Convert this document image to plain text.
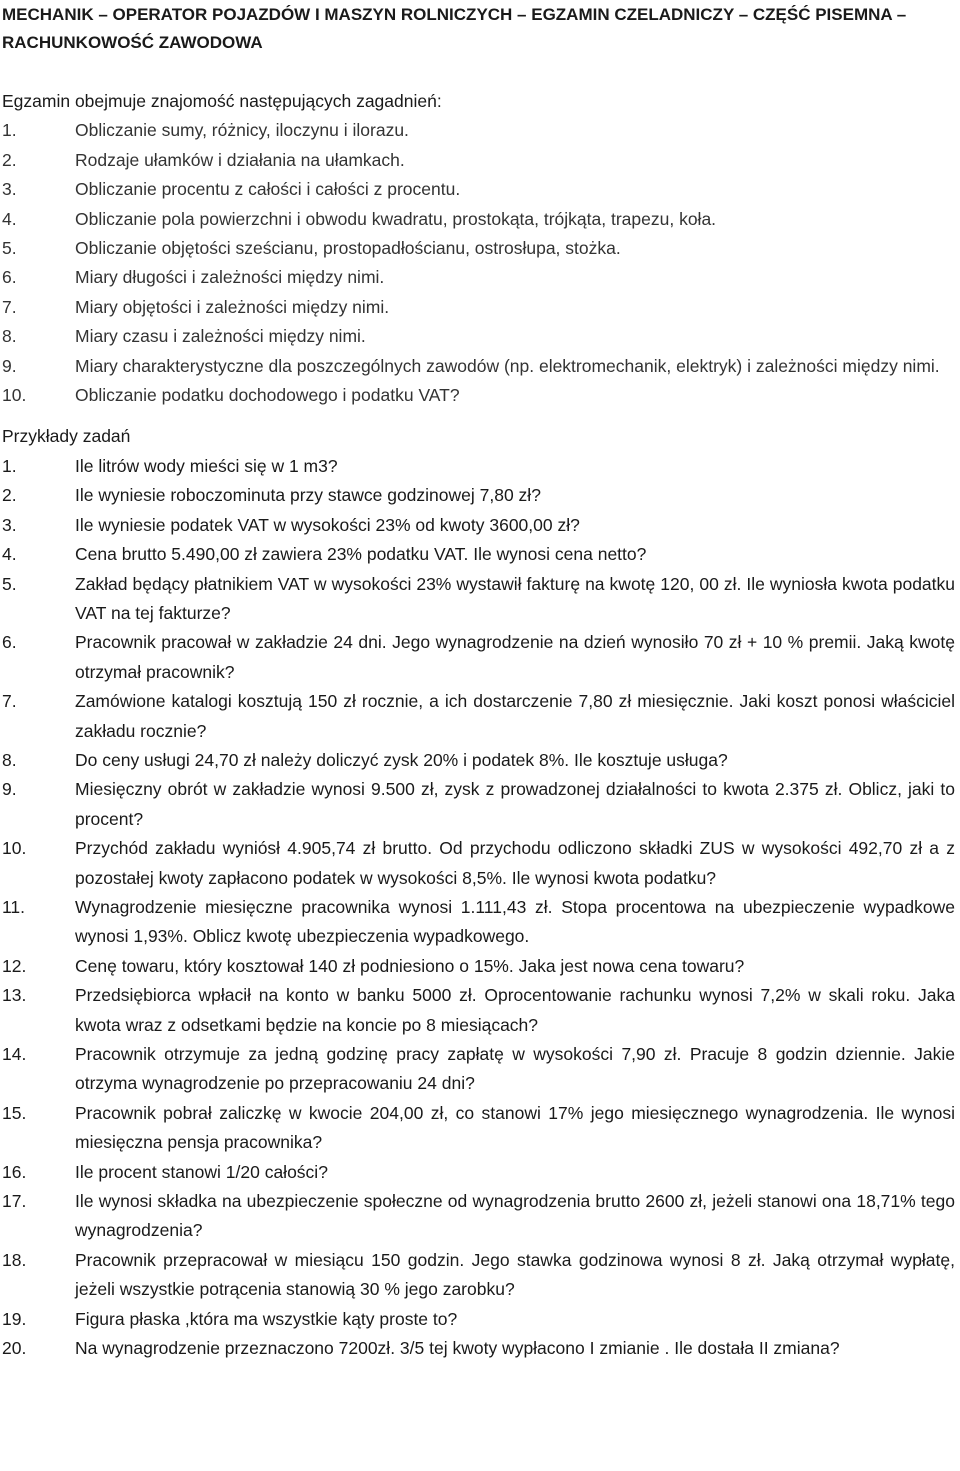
MECHANIK – OPERATOR POJAZDÓW I MASZYN ROLNICZYCH – EGZAMIN CZELADNICZY – CZĘŚĆ PISEMNA – RACHUNKOWOŚĆ ZAWODOWA
Egzamin obejmuje znajomość następujących zagadnień:
1.	Obliczanie sumy, różnicy, iloczynu i ilorazu.
2.	Rodzaje ułamków i działania na ułamkach.
3.	Obliczanie procentu z całości i całości z procentu.
4.	Obliczanie pola powierzchni i obwodu kwadratu, prostokąta, trójkąta, trapezu, koła.
5.	Obliczanie objętości sześcianu, prostopadłościanu, ostrosłupa, stożka.
6.	Miary długości i zależności między nimi.
7.	Miary objętości i zależności między nimi.
8.	Miary czasu i zależności między nimi.
9.	Miary charakterystyczne dla poszczególnych zawodów (np. elektromechanik, elektryk) i zależności między nimi.
10.	Obliczanie podatku dochodowego i podatku VAT?
Przykłady zadań
1.	Ile litrów wody mieści się w 1 m3?
2.	Ile wyniesie roboczominuta przy stawce godzinowej 7,80 zł?
3.	Ile wyniesie podatek VAT w wysokości 23% od kwoty 3600,00 zł?
4.	Cena brutto 5.490,00 zł zawiera 23% podatku VAT. Ile wynosi cena netto?
5.	Zakład będący płatnikiem VAT w wysokości 23% wystawił fakturę na kwotę 120, 00 zł. Ile wyniosła kwota podatku VAT na tej fakturze?
6.	Pracownik pracował w zakładzie 24 dni. Jego wynagrodzenie na dzień wynosiło 70 zł + 10 % premii. Jaką kwotę otrzymał pracownik?
7.	Zamówione katalogi kosztują 150 zł rocznie, a ich dostarczenie 7,80 zł miesięcznie. Jaki koszt ponosi właściciel zakładu rocznie?
8.	Do ceny usługi 24,70 zł należy doliczyć zysk 20% i podatek 8%. Ile kosztuje usługa?
9.	Miesięczny obrót w zakładzie wynosi 9.500 zł, zysk z prowadzonej działalności to kwota 2.375 zł. Oblicz, jaki to procent?
10.	Przychód zakładu wyniósł 4.905,74 zł brutto. Od przychodu odliczono składki ZUS w wysokości 492,70 zł a z pozostałej kwoty zapłacono podatek w wysokości 8,5%. Ile wynosi kwota podatku?
11.	Wynagrodzenie miesięczne pracownika wynosi 1.111,43 zł. Stopa procentowa na ubezpieczenie wypadkowe wynosi 1,93%. Oblicz kwotę ubezpieczenia wypadkowego.
12.	Cenę towaru, który kosztował 140 zł podniesiono o 15%. Jaka jest nowa cena towaru?
13.	Przedsiębiorca wpłacił na konto w banku 5000 zł. Oprocentowanie rachunku wynosi 7,2% w skali roku. Jaka kwota wraz z odsetkami będzie na koncie po 8 miesiącach?
14.	Pracownik otrzymuje za jedną godzinę pracy zapłatę w wysokości 7,90 zł. Pracuje 8 godzin dziennie. Jakie otrzyma wynagrodzenie po przepracowaniu 24 dni?
15.	Pracownik pobrał zaliczkę w kwocie 204,00 zł, co stanowi 17% jego miesięcznego wynagrodzenia. Ile wynosi miesięczna pensja pracownika?
16.	Ile procent stanowi 1/20 całości?
17.	Ile wynosi składka na ubezpieczenie społeczne od wynagrodzenia brutto 2600 zł, jeżeli stanowi ona 18,71% tego wynagrodzenia?
18.	Pracownik przepracował w miesiącu 150 godzin. Jego stawka godzinowa wynosi 8 zł. Jaką otrzymał wypłatę, jeżeli wszystkie potrącenia stanowią 30 % jego zarobku?
19.	Figura płaska ,która ma wszystkie kąty proste to?
20.	Na wynagrodzenie przeznaczono 7200zł. 3/5 tej kwoty wypłacono I zmianie . Ile dostała II zmiana?
